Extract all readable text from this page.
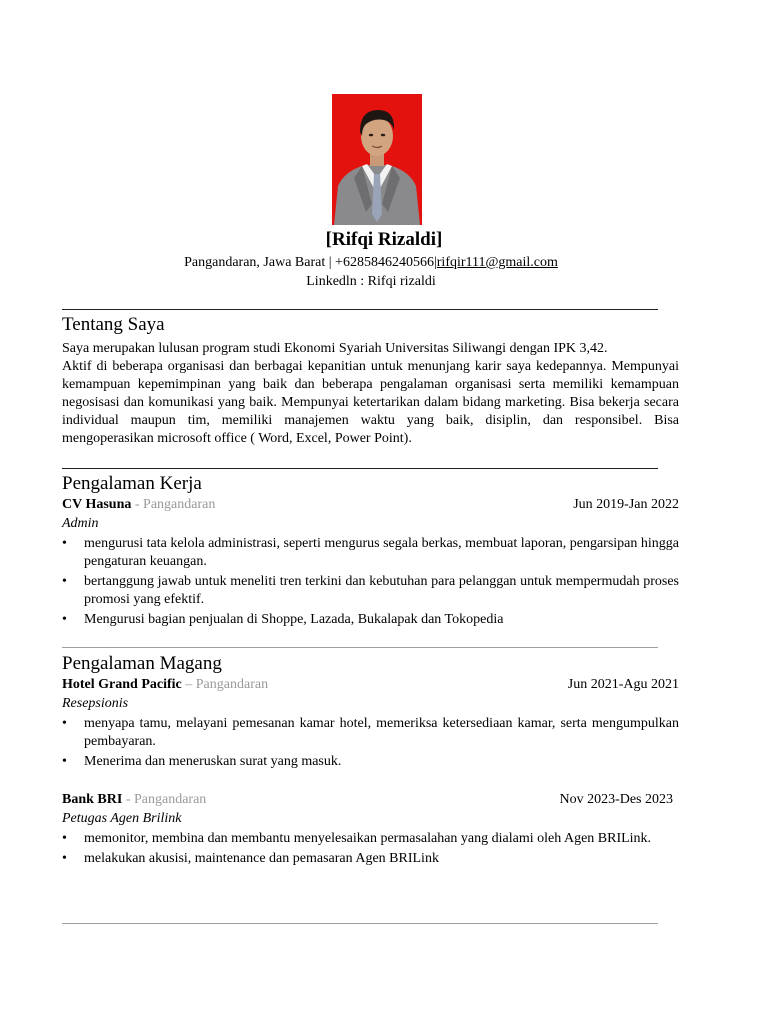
[Rifqi Rizaldi]
Pangandaran, Jawa Barat | +6285846240566|rifqir111@gmail.com
Linkedln : Rifqi rizaldi
Tentang Saya

Saya merupakan lulusan program studi Ekonomi Syariah Universitas Siliwangi dengan IPK 3,42.

Aktif di beberapa organisasi dan berbagai kepanitian untuk menunjang karir saya kedepannya. Mempunyai kemampuan kepemimpinan yang baik dan beberapa pengalaman organisasi serta memiliki kemampuan negosisasi dan komunikasi yang baik. Mempunyai ketertarikan dalam bidang marketing. Bisa bekerja secara individual maupun tim, memiliki manajemen waktu yang baik, disiplin, dan responsibel. Bisa mengoperasikan microsoft office ( Word, Excel, Power Point).

Pengalaman Kerja
CV Hasuna - Pangandaran	Jun 2019-Jan 2022
Admin
• mengurusi tata kelola administrasi, seperti mengurus segala berkas, membuat laporan, pengarsipan hingga pengaturan keuangan.
• bertanggung jawab untuk meneliti tren terkini dan kebutuhan para pelanggan untuk mempermudah proses promosi yang efektif.
• Mengurusi bagian penjualan di Shoppe, Lazada, Bukalapak dan Tokopedia
Pengalaman Magang
Hotel Grand Pacific – Pangandaran	Jun 2021-Agu 2021
Resepsionis
• menyapa tamu, melayani pemesanan kamar hotel, memeriksa ketersediaan kamar, serta mengumpulkan pembayaran.
• Menerima dan meneruskan surat yang masuk.
Bank BRI - Pangandaran	Nov 2023-Des 2023
Petugas Agen Brilink
• memonitor, membina dan membantu menyelesaikan permasalahan yang dialami oleh Agen BRILink.
• melakukan akusisi, maintenance dan pemasaran Agen BRILink
